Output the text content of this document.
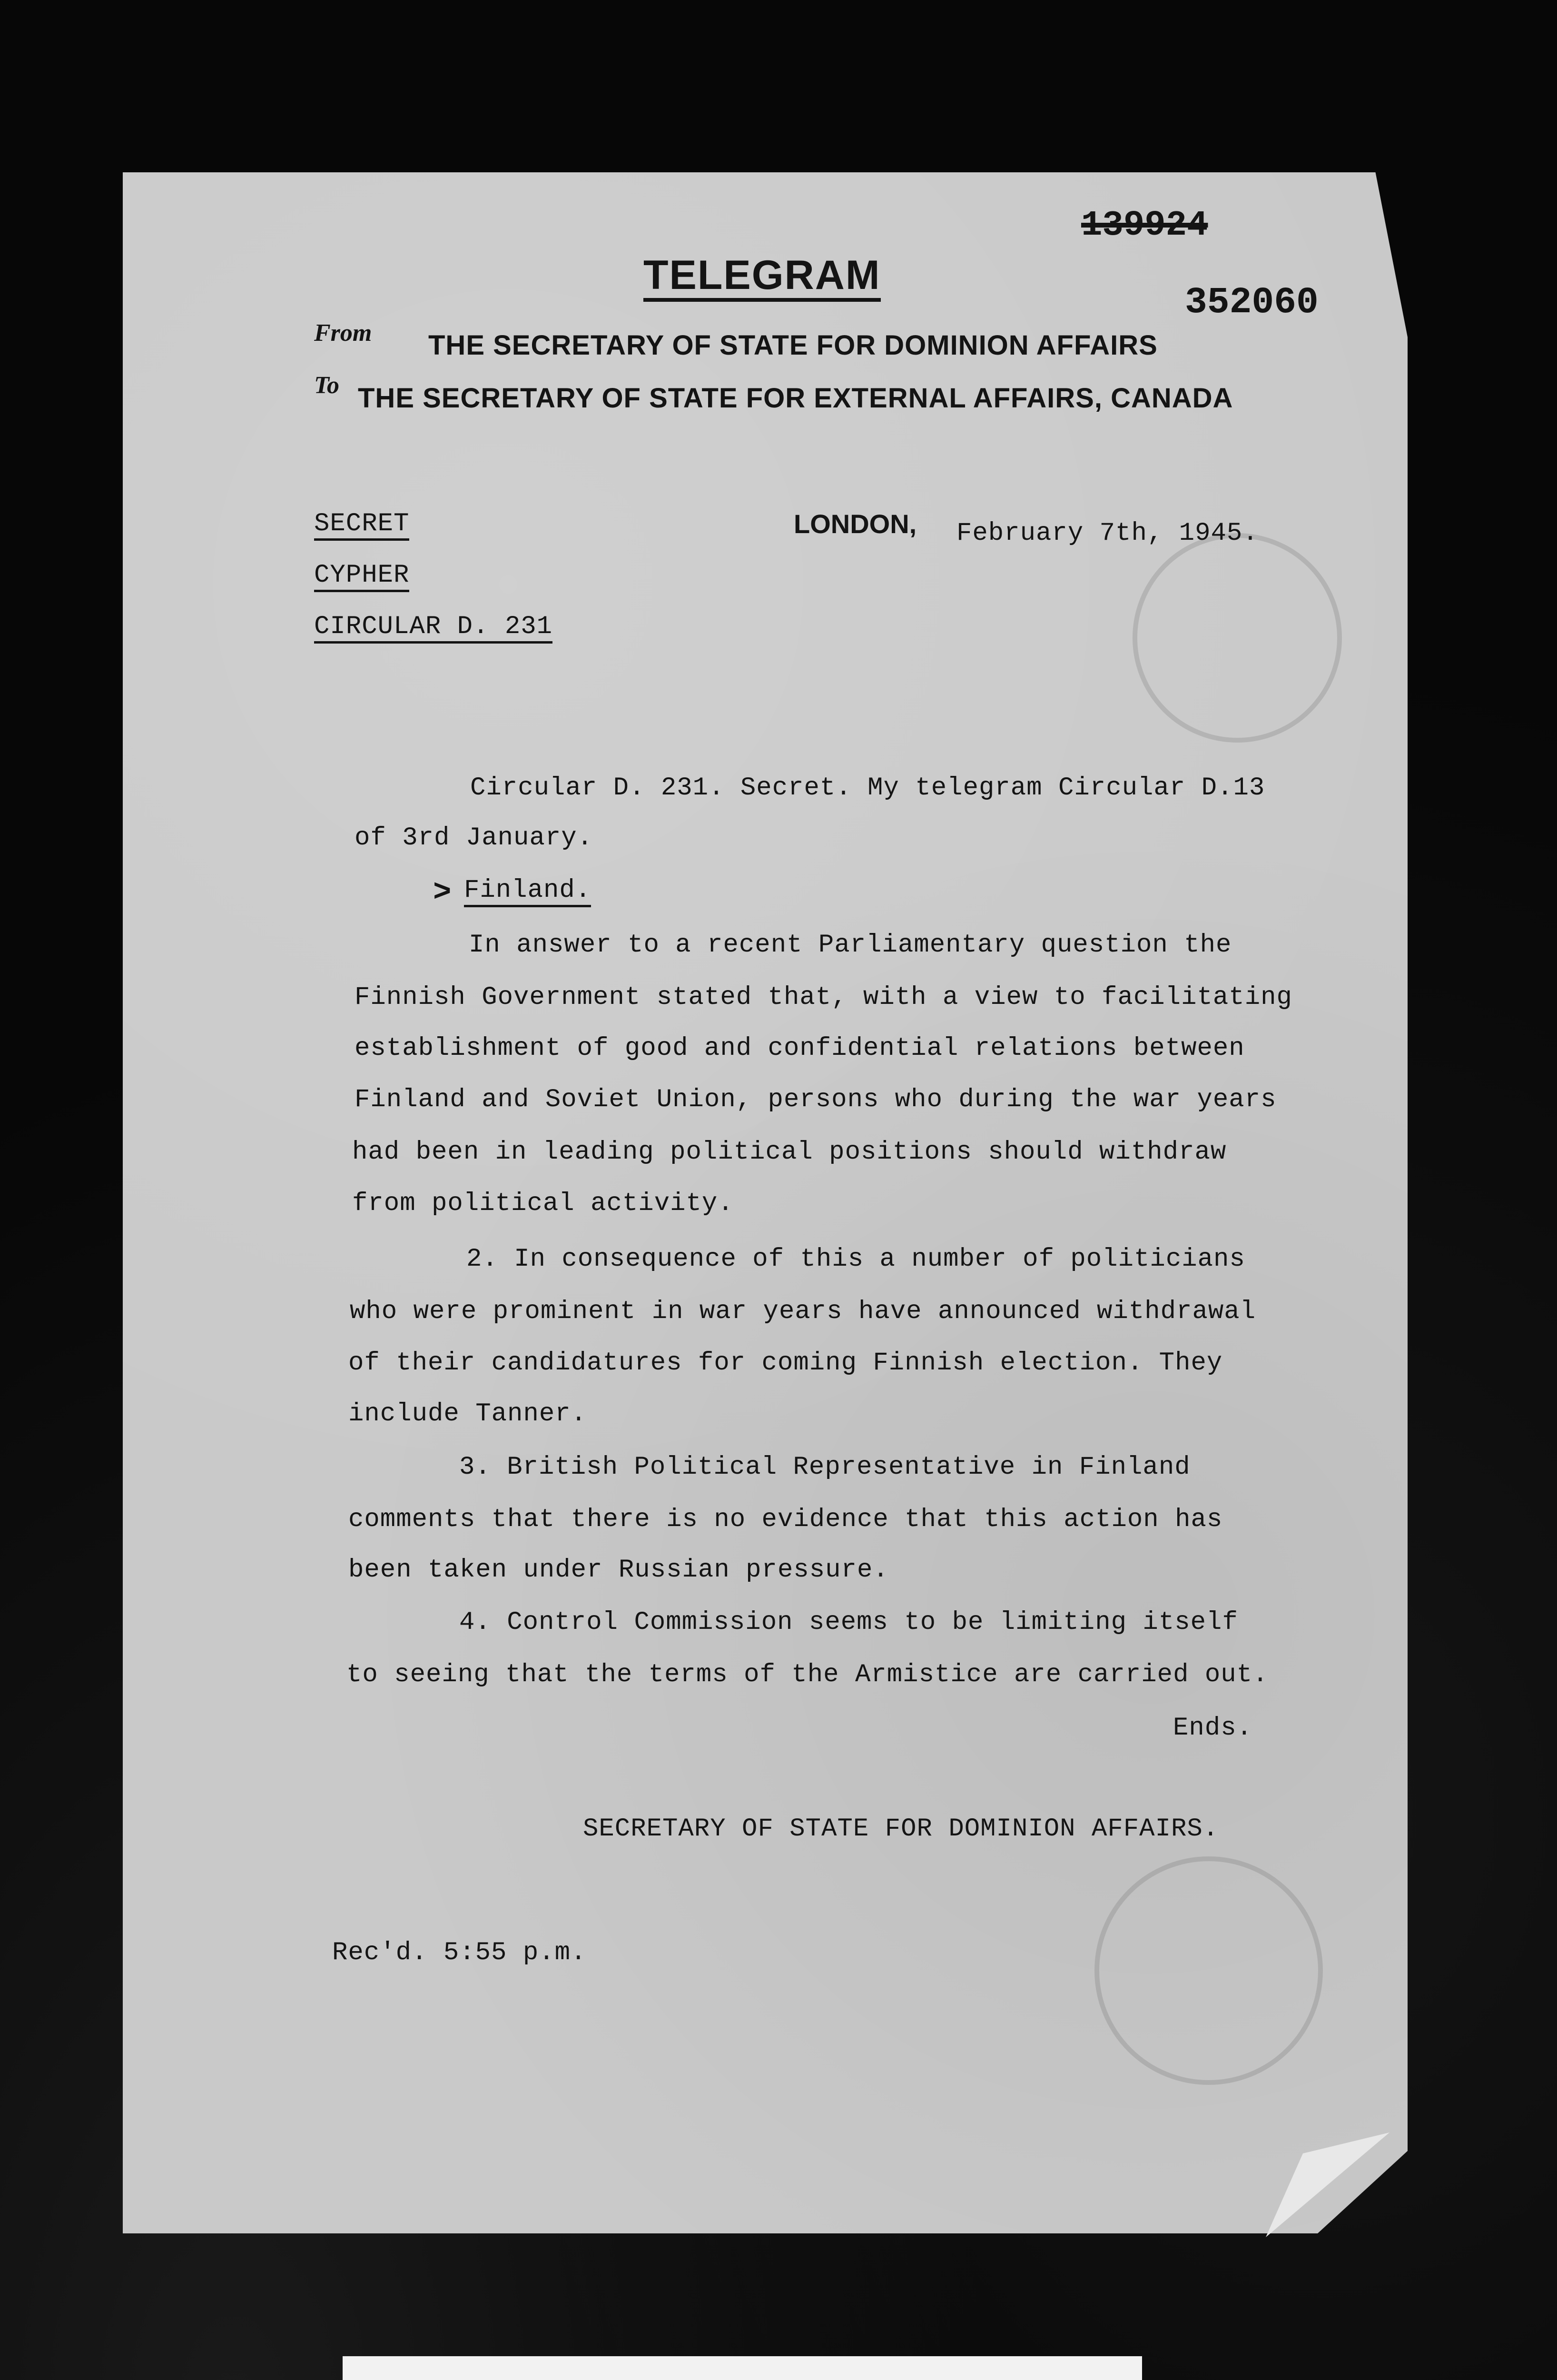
TELEGRAM
139924
352060
From THE SECRETARY OF STATE FOR DOMINION AFFAIRS
To THE SECRETARY OF STATE FOR EXTERNAL AFFAIRS, CANADA
SECRET
CYPHER
CIRCULAR D. 231
LONDON, February 7th, 1945.
Circular D. 231. Secret. My telegram Circular D.13
of 3rd January.
> Finland.
In answer to a recent Parliamentary question the
Finnish Government stated that, with a view to facilitating
establishment of good and confidential relations between
Finland and Soviet Union, persons who during the war years
had been in leading political positions should withdraw
from political activity.
2. In consequence of this a number of politicians
who were prominent in war years have announced withdrawal
of their candidatures for coming Finnish election. They
include Tanner.
3. British Political Representative in Finland
comments that there is no evidence that this action has
been taken under Russian pressure.
4. Control Commission seems to be limiting itself
to seeing that the terms of the Armistice are carried out.
Ends.
SECRETARY OF STATE FOR DOMINION AFFAIRS.
Rec'd. 5:55 p.m.
